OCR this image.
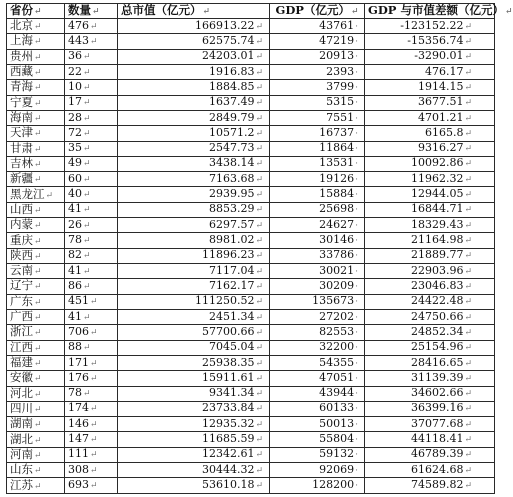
省份↵	数量↵	总市值（亿元）↵	GDP（亿元）↵	GDP 与市值差额（亿元）↵
北京↵	476↵	166913.22↵	43761·	-123152.22↵
上海↵	443↵	62575.74↵	47219·	-15356.74↵
贵州↵	36↵	24203.01↵	20913·	-3290.01↵
西藏↵	22↵	1916.83↵	2393·	476.17↵
青海↵	10↵	1884.85↵	3799·	1914.15↵
宁夏↵	17↵	1637.49↵	5315·	3677.51↵
海南↵	28↵	2849.79↵	7551·	4701.21↵
天津↵	72↵	10571.2↵	16737·	6165.8↵
甘肃↵	35↵	2547.73↵	11864·	9316.27↵
吉林↵	49↵	3438.14↵	13531·	10092.86↵
新疆↵	60↵	7163.68↵	19126·	11962.32↵
黑龙江↵	40↵	2939.95↵	15884·	12944.05↵
山西↵	41↵	8853.29↵	25698·	16844.71↵
内蒙↵	26↵	6297.57↵	24627·	18329.43↵
重庆↵	78↵	8981.02↵	30146·	21164.98↵
陕西↵	82↵	11896.23↵	33786·	21889.77↵
云南↵	41↵	7117.04↵	30021·	22903.96↵
辽宁↵	86↵	7162.17↵	30209·	23046.83↵
广东↵	451↵	111250.52↵	135673·	24422.48↵
广西↵	41↵	2451.34↵	27202·	24750.66↵
浙江↵	706↵	57700.66↵	82553·	24852.34↵
江西↵	88↵	7045.04↵	32200·	25154.96↵
福建↵	171↵	25938.35↵	54355·	28416.65↵
安徽↵	176↵	15911.61↵	47051·	31139.39↵
河北↵	78↵	9341.34↵	43944·	34602.66↵
四川↵	174↵	23733.84↵	60133·	36399.16↵
湖南↵	146↵	12935.32↵	50013·	37077.68↵
湖北↵	147↵	11685.59↵	55804·	44118.41↵
河南↵	111↵	12342.61↵	59132·	46789.39↵
山东↵	308↵	30444.32↵	92069·	61624.68↵
江苏↵	693↵	53610.18↵	128200·	74589.82↵
